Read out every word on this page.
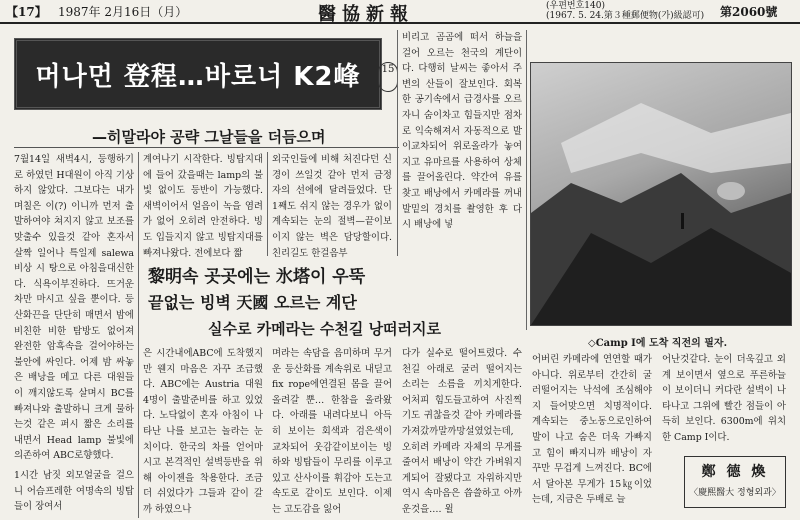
【17】 1987年 2月16日（月）	醫協新報	(우편번호140)
(1967. 5. 24.第３種郵便物(가)級認可) 第2060號
머나먼 登程…바로너 K2峰	15
—히말라야 공략 그날들을 더듬으며
7월14일 새벽4시, 등행하기로 하였던 H대원이 아직 기상하지 않았다. 그보다는 내가 며칠은 이(?) 이니까 먼저 출발하여야 쳐지지 않고 보조를 맞출수 있을것 같아 혼자서 살짝 일어나 특일제 salewa 비상 시 탕으로 아침을대신한다. 식욕이부진하다. 뜨거운 차만 마시고 싶을 뿐이다. 등산화끈을 단단히 매면서 밤에 비친한 비한 탐방도 없어져 완전한 암흑속을 걸어야하는 불안에 싸인다. 어제 밤 싸놓은 배낭을 메고 다른 대원들이 깨지않도록 살며시 BC를 빠져나와 출발하니 크게 물하는것 같은 퍼시 짧은 소리를 내면서 Head lamp 불빛에 의존하여 ABC로향했다.
1시간 남짓 외모얼굴을 걸으니 어슴프레한 여명속의 빙탑들이 장여서
계여나기 시작한다. 빙탑지대에 들어 갔을때는 lamp의 불빛 없이도 등반이 가능했다. 새벽이어서 얼음이 녹을 염려가 없어 오히려 안전하다. 빙도 입들지지 않고 빙탑지대를 빠져나왔다. 전에보다 짧
외국인들에 비해 처진다던 신경이 쓰일것 같아 먼저 금정자의 선에에 달려들었다. 단 1째도 쉬지 않는 경우가 없이 계속되는 눈의 절벽—끝이보이지 않는 벽은 담당할이다. 친리길도 한걸음부
비리고 곰곰에 떠서 하늘을 걸어 오르는 천국의 계단이다. 다행히 날씨는 좋아서 주변의 산들이 잘보인다. 회복한 공기속에서 급경사를 오르자니 숨이차고 힘들지만 점차로 익숙해져서 자동적으로 발이교차되어 위로올라가 놓여지고 유마르를 사용하여 상체를 끌어올린다. 약간여 유를찾고 배낭에서 카메라를 꺼내 발밑의 경치를 촬영한 후 다시 배낭에 넣
黎明속 곳곳에는 氷塔이 우뚝
끝없는 빙벽 天國 오르는 계단
실수로 카메라는 수천길 낭떠러지로
은 시간내에ABC에 도착했지만 웬지 마음은 자꾸 조급했다. ABC에는 Austria 대원 4명이 출발준비를 하고 있었다. 노닥없이 혼자 아침이 나타난 나를 보고는 놀라는 눈치이다. 한국의 차를 얻어마시고 본격적인 설벽등반을 위해 아이젠을 착용한다. 조금더 쉬었다가 그들과 같이 갈까 하였으나
며라는 속담을 음미하며 무거운 등산화를 계속위로 내딛고 fix rope에연결된 몸을 끌어 올려갈 뿐… 한참을 올라왔다. 아래를 내려다보니 아득히 보이는 회색과 검은색이 교차되어 웃감같이보이는 빙하와 빙탑들이 무리를 이루고있고 산사이를 휘감아 도는고속도로 같이도 보인다. 이제는 고도감을 잃어
다가 실수로 떨어트렸다. 수천길 아래로 굴러 떨어지는 소리는 소름을 끼치게한다. 어처피 힘도들고하여 사진찍기도 귀찮을것 같아 카메라를 가져갔까말까망설였었는데, 오히려 카메라 자체의 무게를 줄여서 배낭이 약간 가벼워지게되어 잘됐다고 자위하지만 역시 속마음은 씁쓸하고 아까운것을…. 윌
어버린 카메라에 연연할 때가아니다. 위로부터 간간히 굴러떨어지는 낙석에 조심해야지 들어맞으면 치명적이다. 계속되는 중노동으로인하여 발이 나고 숨은 더욱 가빠지고 힘이 빠지니까 배낭이 자꾸만 무겁게 느껴진다. BC에서 달아본 무게가 15㎏이었는데, 지금은 두배로 늘
어난것같다. 눈이 더욱깊고 외계 보이면서 옆으로 푸른하늘이 보이더니 커다란 설벽이 나타나고 그위에 빨간 점들이 아득히 보인다. 6300m에 위치한 Camp Ⅰ이다.
◇Camp Ⅰ에 도착 직전의 필자.
鄭 德 煥
〈慶熙醫大 정형외과〉
